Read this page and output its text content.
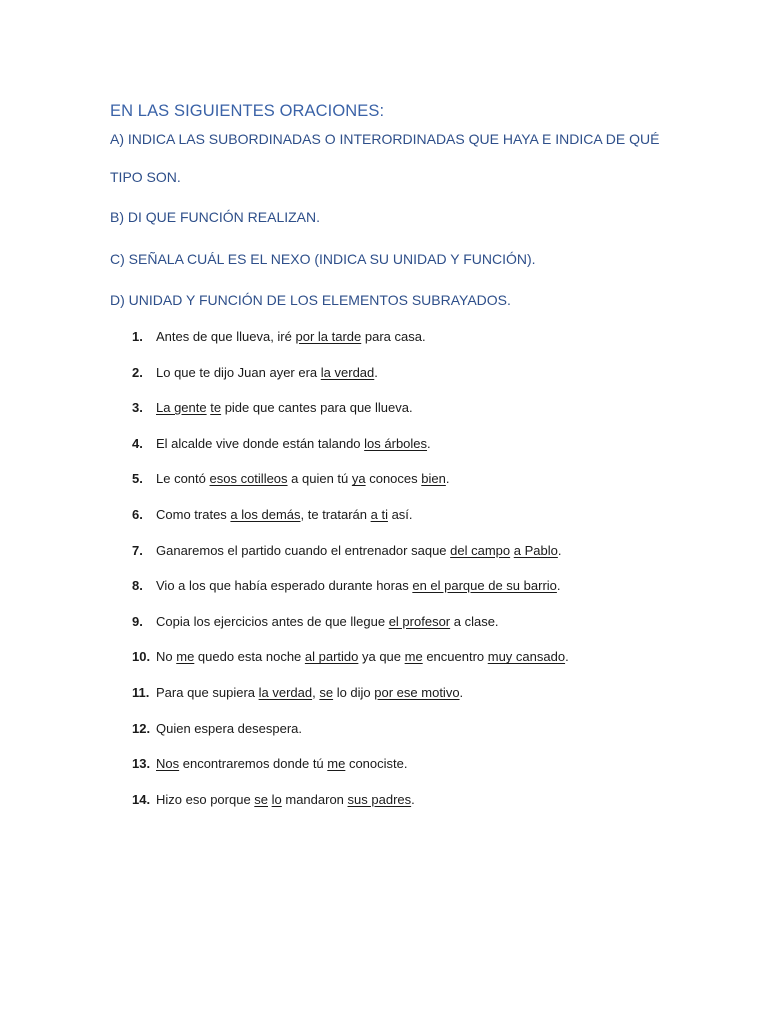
EN LAS SIGUIENTES ORACIONES:

A) INDICA LAS SUBORDINADAS O INTERORDINADAS QUE HAYA E INDICA DE QUÉ

TIPO SON.

B) DI QUE FUNCIÓN REALIZAN.

C) SEÑALA CUÁL ES EL NEXO (INDICA SU UNIDAD Y FUNCIÓN).

D) UNIDAD Y FUNCIÓN DE LOS ELEMENTOS SUBRAYADOS.

1. Antes de que llueva, iré por la tarde para casa.
2. Lo que te dijo Juan ayer era la verdad.
3. La gente te pide que cantes para que llueva.
4. El alcalde vive donde están talando los árboles.
5. Le contó esos cotilleos a quien tú ya conoces bien.
6. Como trates a los demás, te tratarán a ti así.
7. Ganaremos el partido cuando el entrenador saque del campo a Pablo.
8. Vio a los que había esperado durante horas en el parque de su barrio.
9. Copia los ejercicios antes de que llegue el profesor a clase.
10. No me quedo esta noche al partido ya que me encuentro muy cansado.
11. Para que supiera la verdad, se lo dijo por ese motivo.
12. Quien espera desespera.
13. Nos encontraremos donde tú me conociste.
14. Hizo eso porque se lo mandaron sus padres.
